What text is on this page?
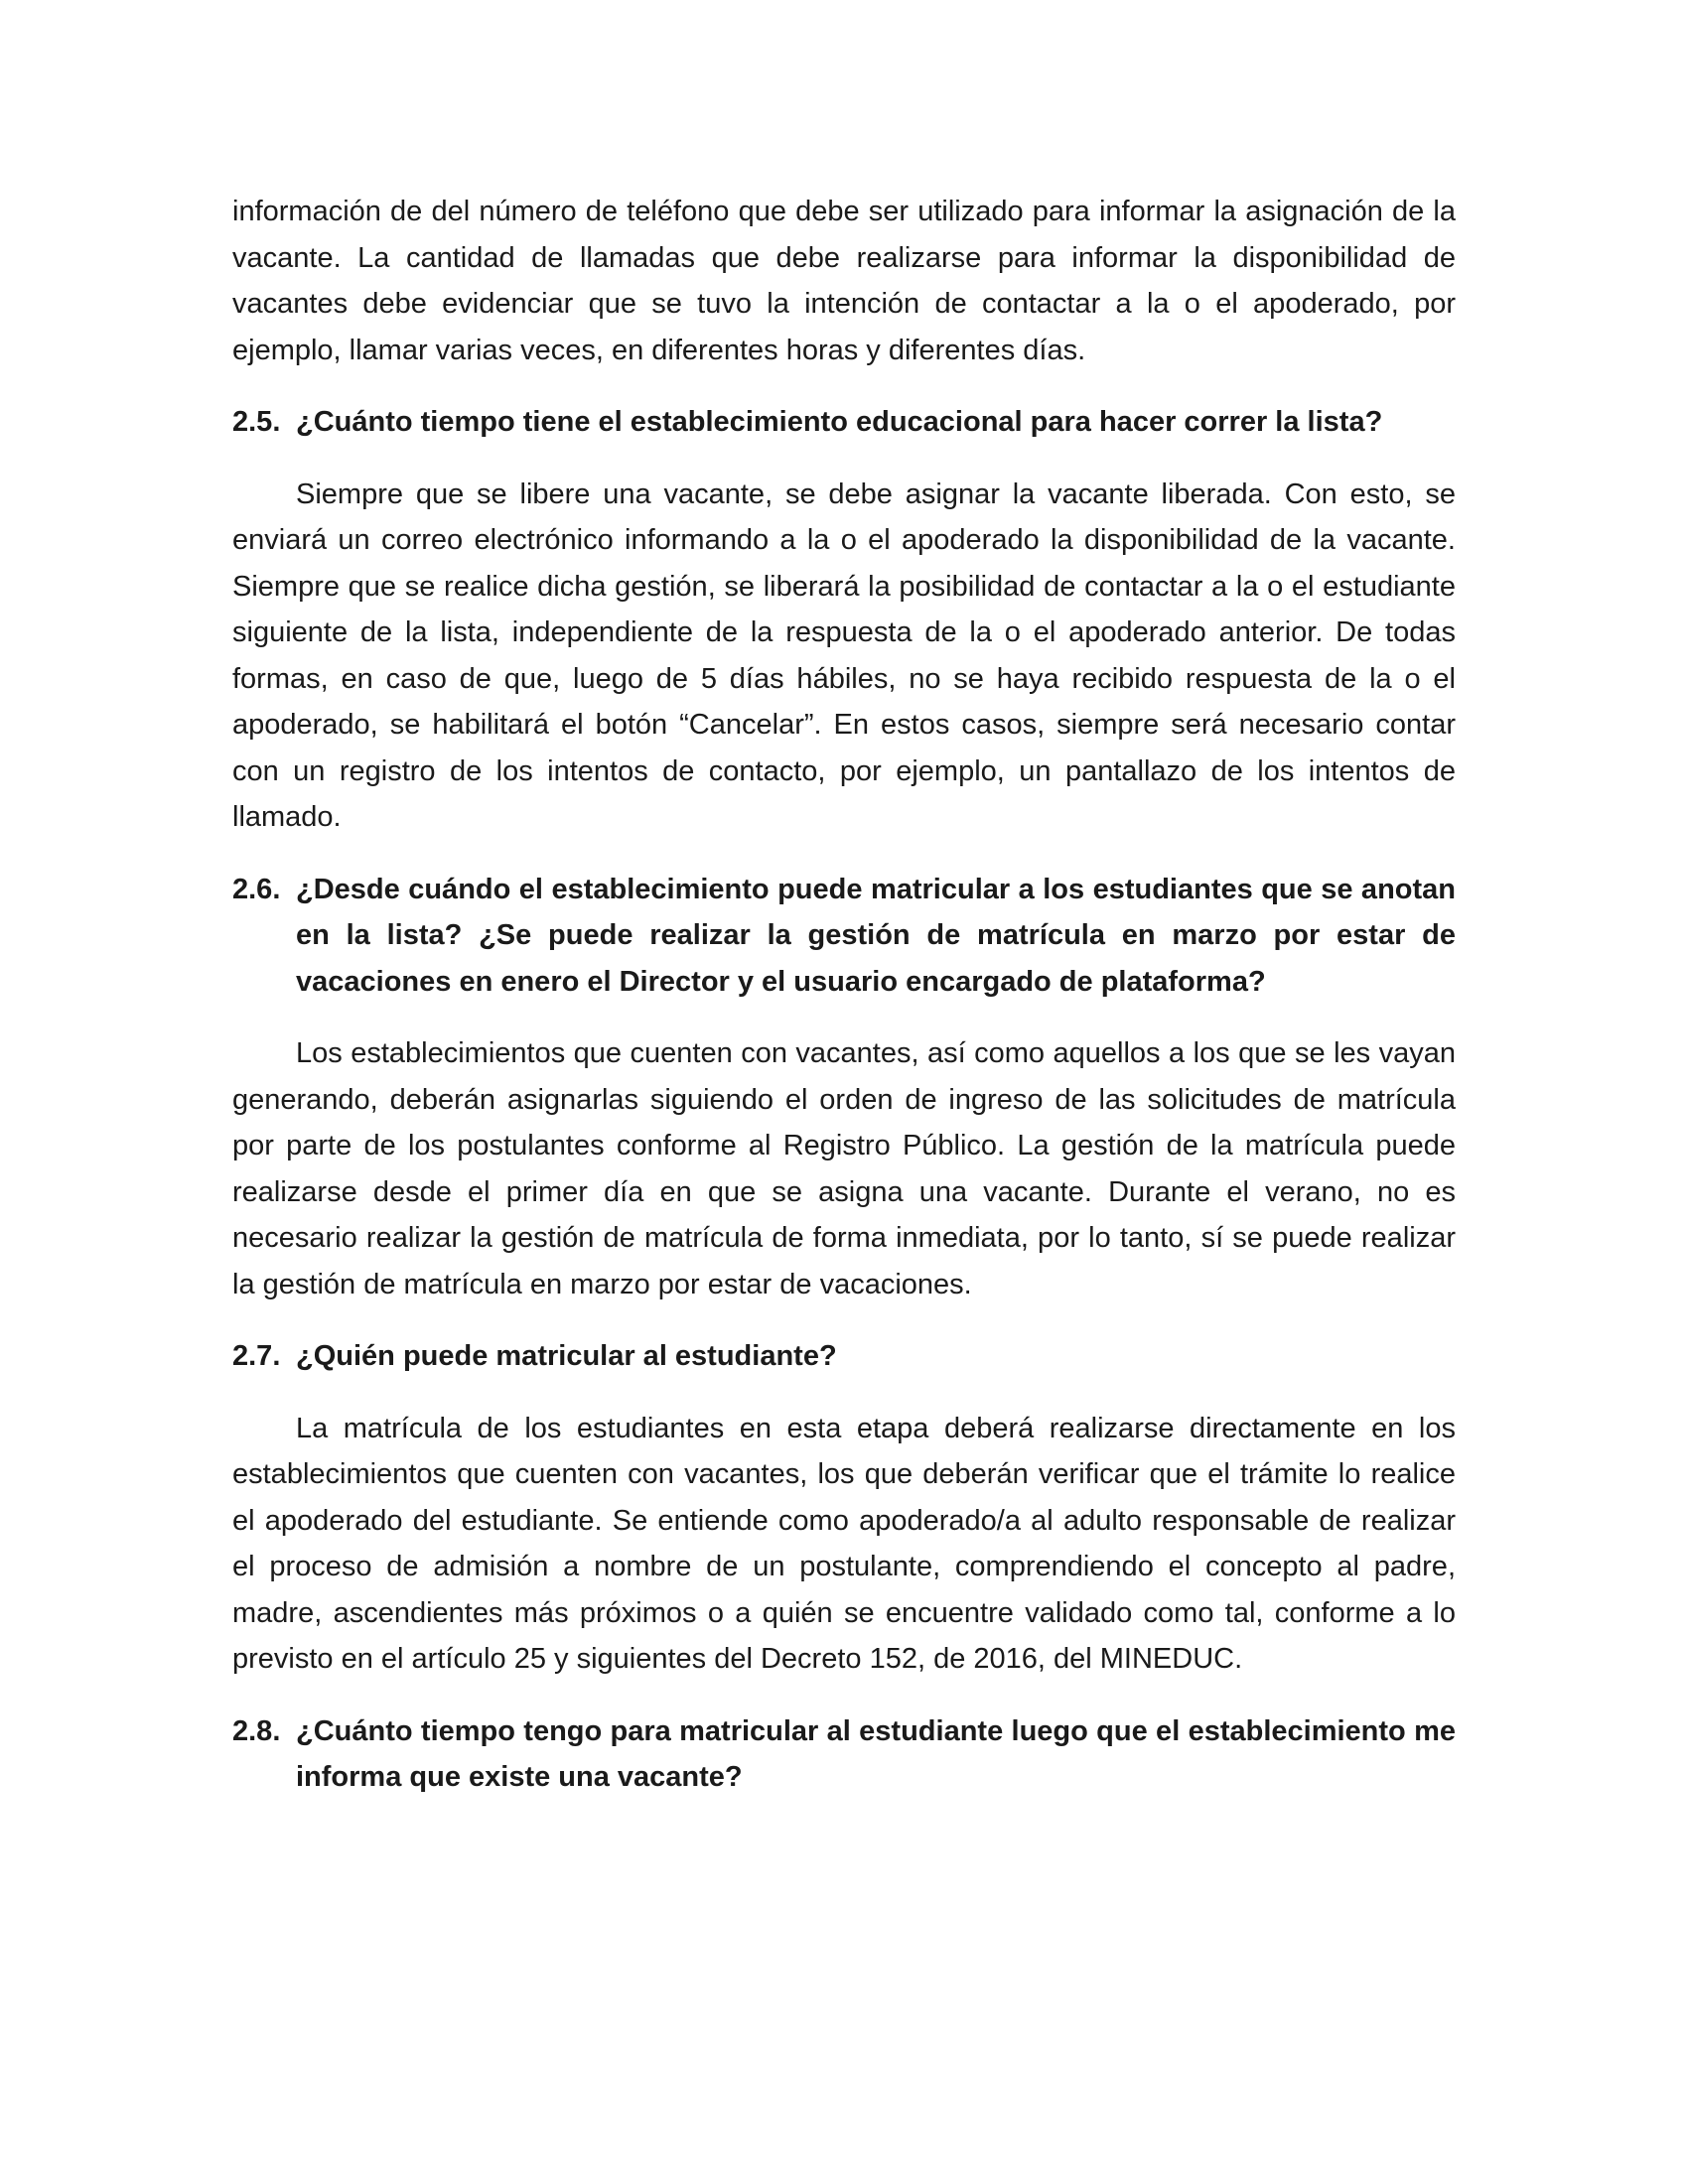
información de del número de teléfono que debe ser utilizado para informar la asignación de la vacante. La cantidad de llamadas que debe realizarse para informar la disponibilidad de vacantes debe evidenciar que se tuvo la intención de contactar a la o el apoderado, por ejemplo, llamar varias veces, en diferentes horas y diferentes días.

2.5. ¿Cuánto tiempo tiene el establecimiento educacional para hacer correr la lista?

Siempre que se libere una vacante, se debe asignar la vacante liberada. Con esto, se enviará un correo electrónico informando a la o el apoderado la disponibilidad de la vacante. Siempre que se realice dicha gestión, se liberará la posibilidad de contactar a la o el estudiante siguiente de la lista, independiente de la respuesta de la o el apoderado anterior. De todas formas, en caso de que, luego de 5 días hábiles, no se haya recibido respuesta de la o el apoderado, se habilitará el botón “Cancelar”. En estos casos, siempre será necesario contar con un registro de los intentos de contacto, por ejemplo, un pantallazo de los intentos de llamado.

2.6. ¿Desde cuándo el establecimiento puede matricular a los estudiantes que se anotan en la lista? ¿Se puede realizar la gestión de matrícula en marzo por estar de vacaciones en enero el Director y el usuario encargado de plataforma?

Los establecimientos que cuenten con vacantes, así como aquellos a los que se les vayan generando, deberán asignarlas siguiendo el orden de ingreso de las solicitudes de matrícula por parte de los postulantes conforme al Registro Público. La gestión de la matrícula puede realizarse desde el primer día en que se asigna una vacante. Durante el verano, no es necesario realizar la gestión de matrícula de forma inmediata, por lo tanto, sí se puede realizar la gestión de matrícula en marzo por estar de vacaciones.

2.7. ¿Quién puede matricular al estudiante?

La matrícula de los estudiantes en esta etapa deberá realizarse directamente en los establecimientos que cuenten con vacantes, los que deberán verificar que el trámite lo realice el apoderado del estudiante. Se entiende como apoderado/a al adulto responsable de realizar el proceso de admisión a nombre de un postulante, comprendiendo el concepto al padre, madre, ascendientes más próximos o a quién se encuentre validado como tal, conforme a lo previsto en el artículo 25 y siguientes del Decreto 152, de 2016, del MINEDUC.

2.8. ¿Cuánto tiempo tengo para matricular al estudiante luego que el establecimiento me informa que existe una vacante?
